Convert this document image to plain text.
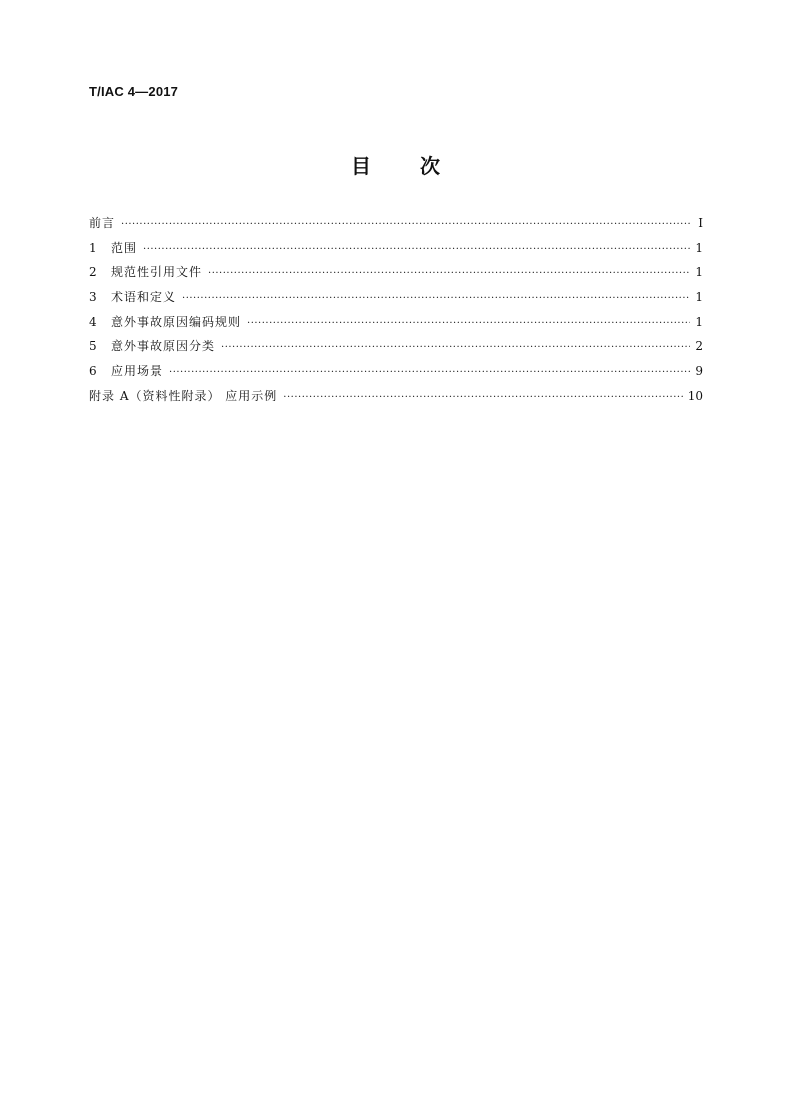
T/IAC 4—2017
目 次
前言 ·····	I
1	范围 ·····	1
2	规范性引用文件 ·····	1
3	术语和定义 ·····	1
4	意外事故原因编码规则 ·····	1
5	意外事故原因分类 ·····	2
6	应用场景 ·····	9
附录 A（资料性附录） 应用示例 ·····	10
